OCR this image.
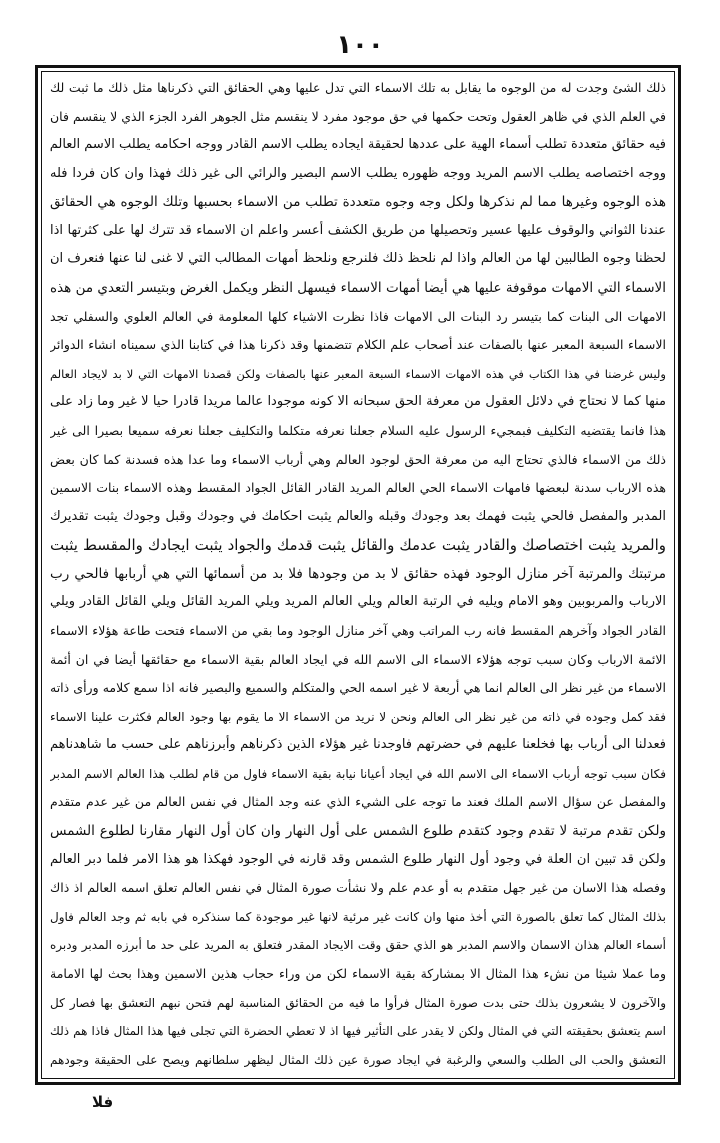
١٠٠
ذلك الشئ وجدت له من الوجوه ما يقابل به تلك الاسماء التي تدل عليها وهي الحقائق التي ذكرناها مثل ذلك ما ثبت لك
في العلم الذي في ظاهر العقول وتحت حكمها في حق موجود مفرد لا ينقسم مثل الجوهر الفرد الجزء الذي لا ينقسم فان
فيه حقائق متعددة تطلب أسماء الهية على عددها لحقيقة ايجاده يطلب الاسم القادر ووجه احكامه يطلب الاسم العالم
ووجه اختصاصه يطلب الاسم المريد ووجه ظهوره يطلب الاسم البصير والرائي الى غير ذلك فهذا وان كان فردا فله
هذه الوجوه وغيرها مما لم نذكرها ولكل وجه وجوه متعددة تطلب من الاسماء بحسبها وتلك الوجوه هي الحقائق
عندنا الثواني والوقوف عليها عسير وتحصيلها من طريق الكشف أعسر واعلم ان الاسماء قد تترك لها على كثرتها اذا
لحظنا وجوه الطالبين لها من العالم واذا لم نلحظ ذلك فلنرجع ونلحظ أمهات المطالب التي لا غنى لنا عنها فنعرف ان
الاسماء التي الامهات موقوفة عليها هي أيضا أمهات الاسماء فيسهل النظر ويكمل الغرض وبتيسر التعدي من هذه
الامهات الى البنات كما بتيسر رد البنات الى الامهات فاذا نظرت الاشياء كلها المعلومة في العالم العلوي والسفلي تجد
الاسماء السبعة المعبر عنها بالصفات عند أصحاب علم الكلام تتضمنها وقد ذكرنا هذا في كتابنا الذي سميناه انشاء الدوائر
وليس غرضنا في هذا الكتاب في هذه الامهات الاسماء السبعة المعبر عنها بالصفات ولكن قصدنا الامهات التي لا بد لايجاد العالم
منها كما لا نحتاج في دلائل العقول من معرفة الحق سبحانه الا كونه موجودا عالما مريدا قادرا حيا لا غير وما زاد على
هذا فانما يقتضيه التكليف فبمجيء الرسول عليه السلام جعلنا نعرفه متكلما والتكليف جعلنا نعرفه سميعا بصيرا الى غير
ذلك من الاسماء فالذي تحتاج اليه من معرفة الحق لوجود العالم وهي أرباب الاسماء وما عدا هذه فسدنة كما كان بعض
هذه الارباب سدنة لبعضها فامهات الاسماء الحي العالم المريد القادر القائل الجواد المقسط وهذه الاسماء بنات الاسمين
المدبر والمفصل فالحي يثبت فهمك بعد وجودك وقبله والعالم يثبت احكامك في وجودك وقبل وجودك يثبت تقديرك
والمريد يثبت اختصاصك والقادر يثبت عدمك والقائل يثبت قدمك والجواد يثبت ايجادك والمقسط يثبت
مرتبتك والمرتبة آخر منازل الوجود فهذه حقائق لا بد من وجودها فلا بد من أسمائها التي هي أربابها فالحي رب
الارباب والمربوبين وهو الامام ويليه في الرتبة العالم ويلي العالم المريد ويلي المريد القائل ويلي القائل القادر ويلي
القادر الجواد وآخرهم المقسط فانه رب المراتب وهي آخر منازل الوجود وما بقي من الاسماء فتحت طاعة هؤلاء الاسماء
الائمة الارباب وكان سبب توجه هؤلاء الاسماء الى الاسم الله في ايجاد العالم بقية الاسماء مع حقائقها أيضا في ان أئمة
الاسماء من غير نظر الى العالم انما هي أربعة لا غير اسمه الحي والمتكلم والسميع والبصير فانه اذا سمع كلامه ورأى ذاته
فقد كمل وجوده في ذاته من غير نظر الى العالم ونحن لا نريد من الاسماء الا ما يقوم بها وجود العالم فكثرت علينا الاسماء
فعدلنا الى أرباب بها فخلعنا عليهم في حضرتهم فاوجدنا غير هؤلاء الذين ذكرناهم وأبرزناهم على حسب ما شاهدناهم
فكان سبب توجه أرباب الاسماء الى الاسم الله في ايجاد أعيانا نيابة بقية الاسماء فاول من قام لطلب هذا العالم الاسم المدبر
والمفصل عن سؤال الاسم الملك فعند ما توجه على الشيء الذي عنه وجد المثال في نفس العالم من غير عدم متقدم
ولكن تقدم مرتبة لا تقدم وجود كتقدم طلوع الشمس على أول النهار وان كان أول النهار مقارنا لطلوع الشمس
ولكن قد تبين ان العلة في وجود أول النهار طلوع الشمس وقد قارنه في الوجود فهكذا هو هذا الامر فلما دبر العالم
وفصله هذا الاسان من غير جهل متقدم به أو عدم علم ولا نشأت صورة المثال في نفس العالم تعلق اسمه العالم اذ ذاك
بذلك المثال كما تعلق بالصورة التي أخذ منها وان كانت غير مرئية لانها غير موجودة كما سنذكره في بابه ثم وجد العالم فاول
أسماء العالم هذان الاسمان والاسم المدبر هو الذي حقق وقت الايجاد المقدر فتعلق به المريد على حد ما أبرزه المدبر ودبره
وما عملا شيئا من نشء هذا المثال الا بمشاركة بقية الاسماء لكن من وراء حجاب هذين الاسمين وهذا بحث لها الامامة
والآخرون لا يشعرون بذلك حتى بدت صورة المثال فرأوا ما فيه من الحقائق المناسبة لهم فتحن نبهم التعشق بها فصار كل
اسم يتعشق بحقيقته التي في المثال ولكن لا يقدر على التأثير فيها اذ لا تعطي الحضرة التي تجلى فيها هذا المثال فاذا هم ذلك
التعشق والحب الى الطلب والسعي والرغبة في ايجاد صورة عين ذلك المثال ليظهر سلطانهم ويصح على الحقيقة وجودهم
فلا
